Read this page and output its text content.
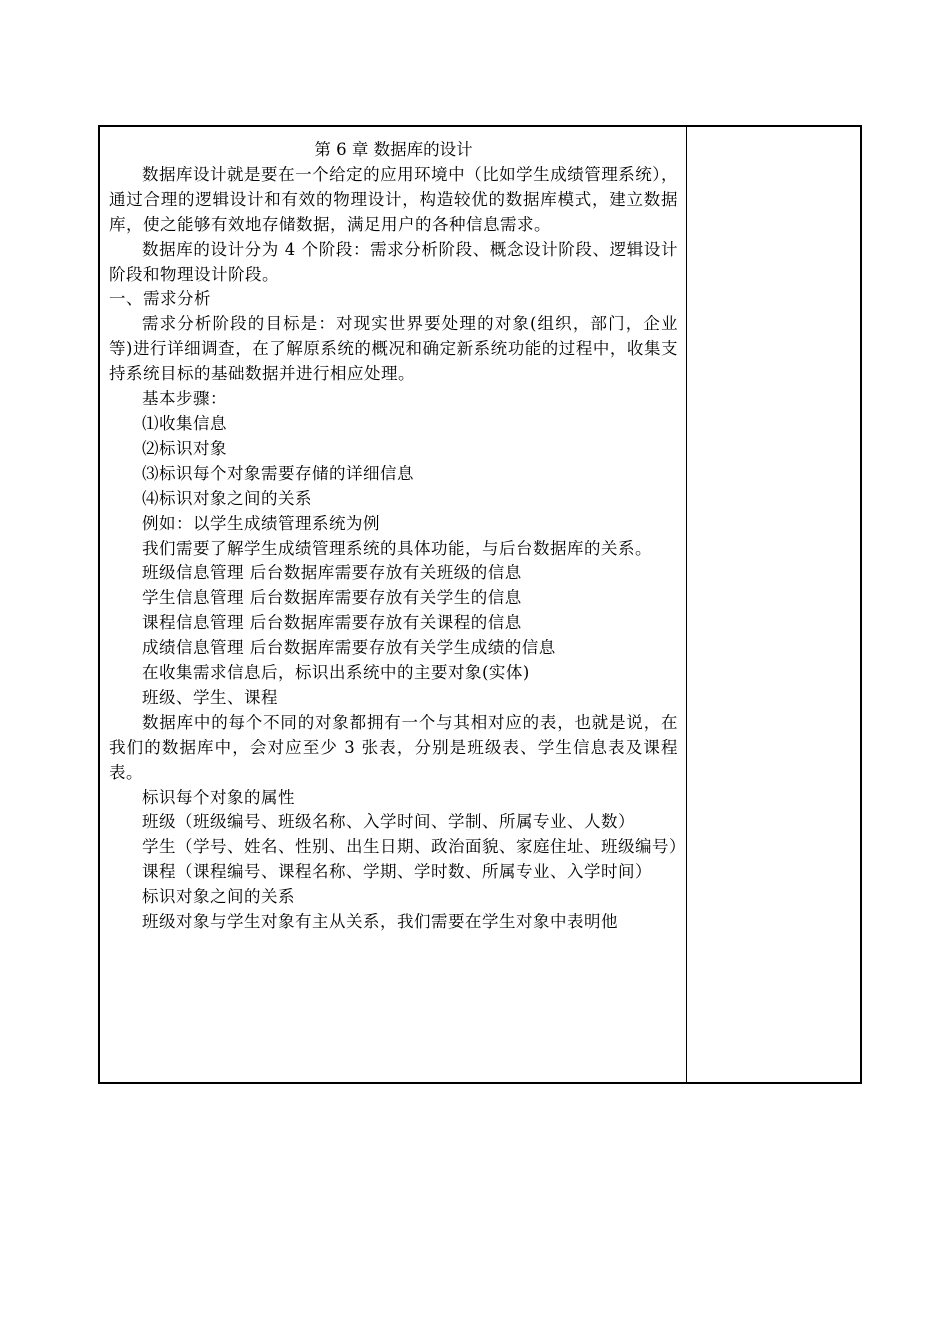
第 6 章 数据库的设计

数据库设计就是要在一个给定的应用环境中（比如学生成绩管理系统），通过合理的逻辑设计和有效的物理设计，构造较优的数据库模式，建立数据库，使之能够有效地存储数据，满足用户的各种信息需求。

数据库的设计分为 4 个阶段：需求分析阶段、概念设计阶段、逻辑设计阶段和物理设计阶段。

一、需求分析

需求分析阶段的目标是：对现实世界要处理的对象(组织，部门，企业等)进行详细调查，在了解原系统的概况和确定新系统功能的过程中，收集支持系统目标的基础数据并进行相应处理。

基本步骤：

⑴收集信息

⑵标识对象

⑶标识每个对象需要存储的详细信息

⑷标识对象之间的关系

例如：以学生成绩管理系统为例

我们需要了解学生成绩管理系统的具体功能，与后台数据库的关系。

班级信息管理 后台数据库需要存放有关班级的信息

学生信息管理 后台数据库需要存放有关学生的信息

课程信息管理 后台数据库需要存放有关课程的信息

成绩信息管理 后台数据库需要存放有关学生成绩的信息

在收集需求信息后，标识出系统中的主要对象(实体)

班级、学生、课程

数据库中的每个不同的对象都拥有一个与其相对应的表，也就是说，在我们的数据库中，会对应至少 3 张表，分别是班级表、学生信息表及课程表。

标识每个对象的属性

班级（班级编号、班级名称、入学时间、学制、所属专业、人数）

学生（学号、姓名、性别、出生日期、政治面貌、家庭住址、班级编号）

课程（课程编号、课程名称、学期、学时数、所属专业、入学时间）

标识对象之间的关系

班级对象与学生对象有主从关系，我们需要在学生对象中表明他
